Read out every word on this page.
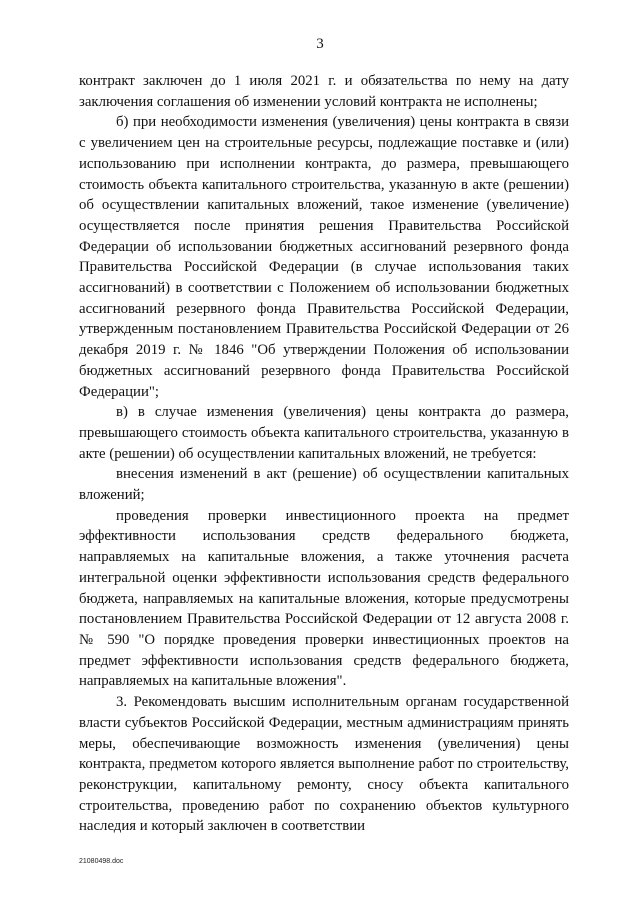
3

контракт заключен до 1 июля 2021 г. и обязательства по нему на дату заключения соглашения об изменении условий контракта не исполнены;

б) при необходимости изменения (увеличения) цены контракта в связи с увеличением цен на строительные ресурсы, подлежащие поставке и (или) использованию при исполнении контракта, до размера, превышающего стоимость объекта капитального строительства, указанную в акте (решении) об осуществлении капитальных вложений, такое изменение (увеличение) осуществляется после принятия решения Правительства Российской Федерации об использовании бюджетных ассигнований резервного фонда Правительства Российской Федерации (в случае использования таких ассигнований) в соответствии с Положением об использовании бюджетных ассигнований резервного фонда Правительства Российской Федерации, утвержденным постановлением Правительства Российской Федерации от 26 декабря 2019 г. № 1846 "Об утверждении Положения об использовании бюджетных ассигнований резервного фонда Правительства Российской Федерации";

в) в случае изменения (увеличения) цены контракта до размера, превышающего стоимость объекта капитального строительства, указанную в акте (решении) об осуществлении капитальных вложений, не требуется:

внесения изменений в акт (решение) об осуществлении капитальных вложений;

проведения проверки инвестиционного проекта на предмет эффективности использования средств федерального бюджета, направляемых на капитальные вложения, а также уточнения расчета интегральной оценки эффективности использования средств федерального бюджета, направляемых на капитальные вложения, которые предусмотрены постановлением Правительства Российской Федерации от 12 августа 2008 г. № 590 "О порядке проведения проверки инвестиционных проектов на предмет эффективности использования средств федерального бюджета, направляемых на капитальные вложения".

3. Рекомендовать высшим исполнительным органам государственной власти субъектов Российской Федерации, местным администрациям принять меры, обеспечивающие возможность изменения (увеличения) цены контракта, предметом которого является выполнение работ по строительству, реконструкции, капитальному ремонту, сносу объекта капитального строительства, проведению работ по сохранению объектов культурного наследия и который заключен в соответствии

21080498.doc
